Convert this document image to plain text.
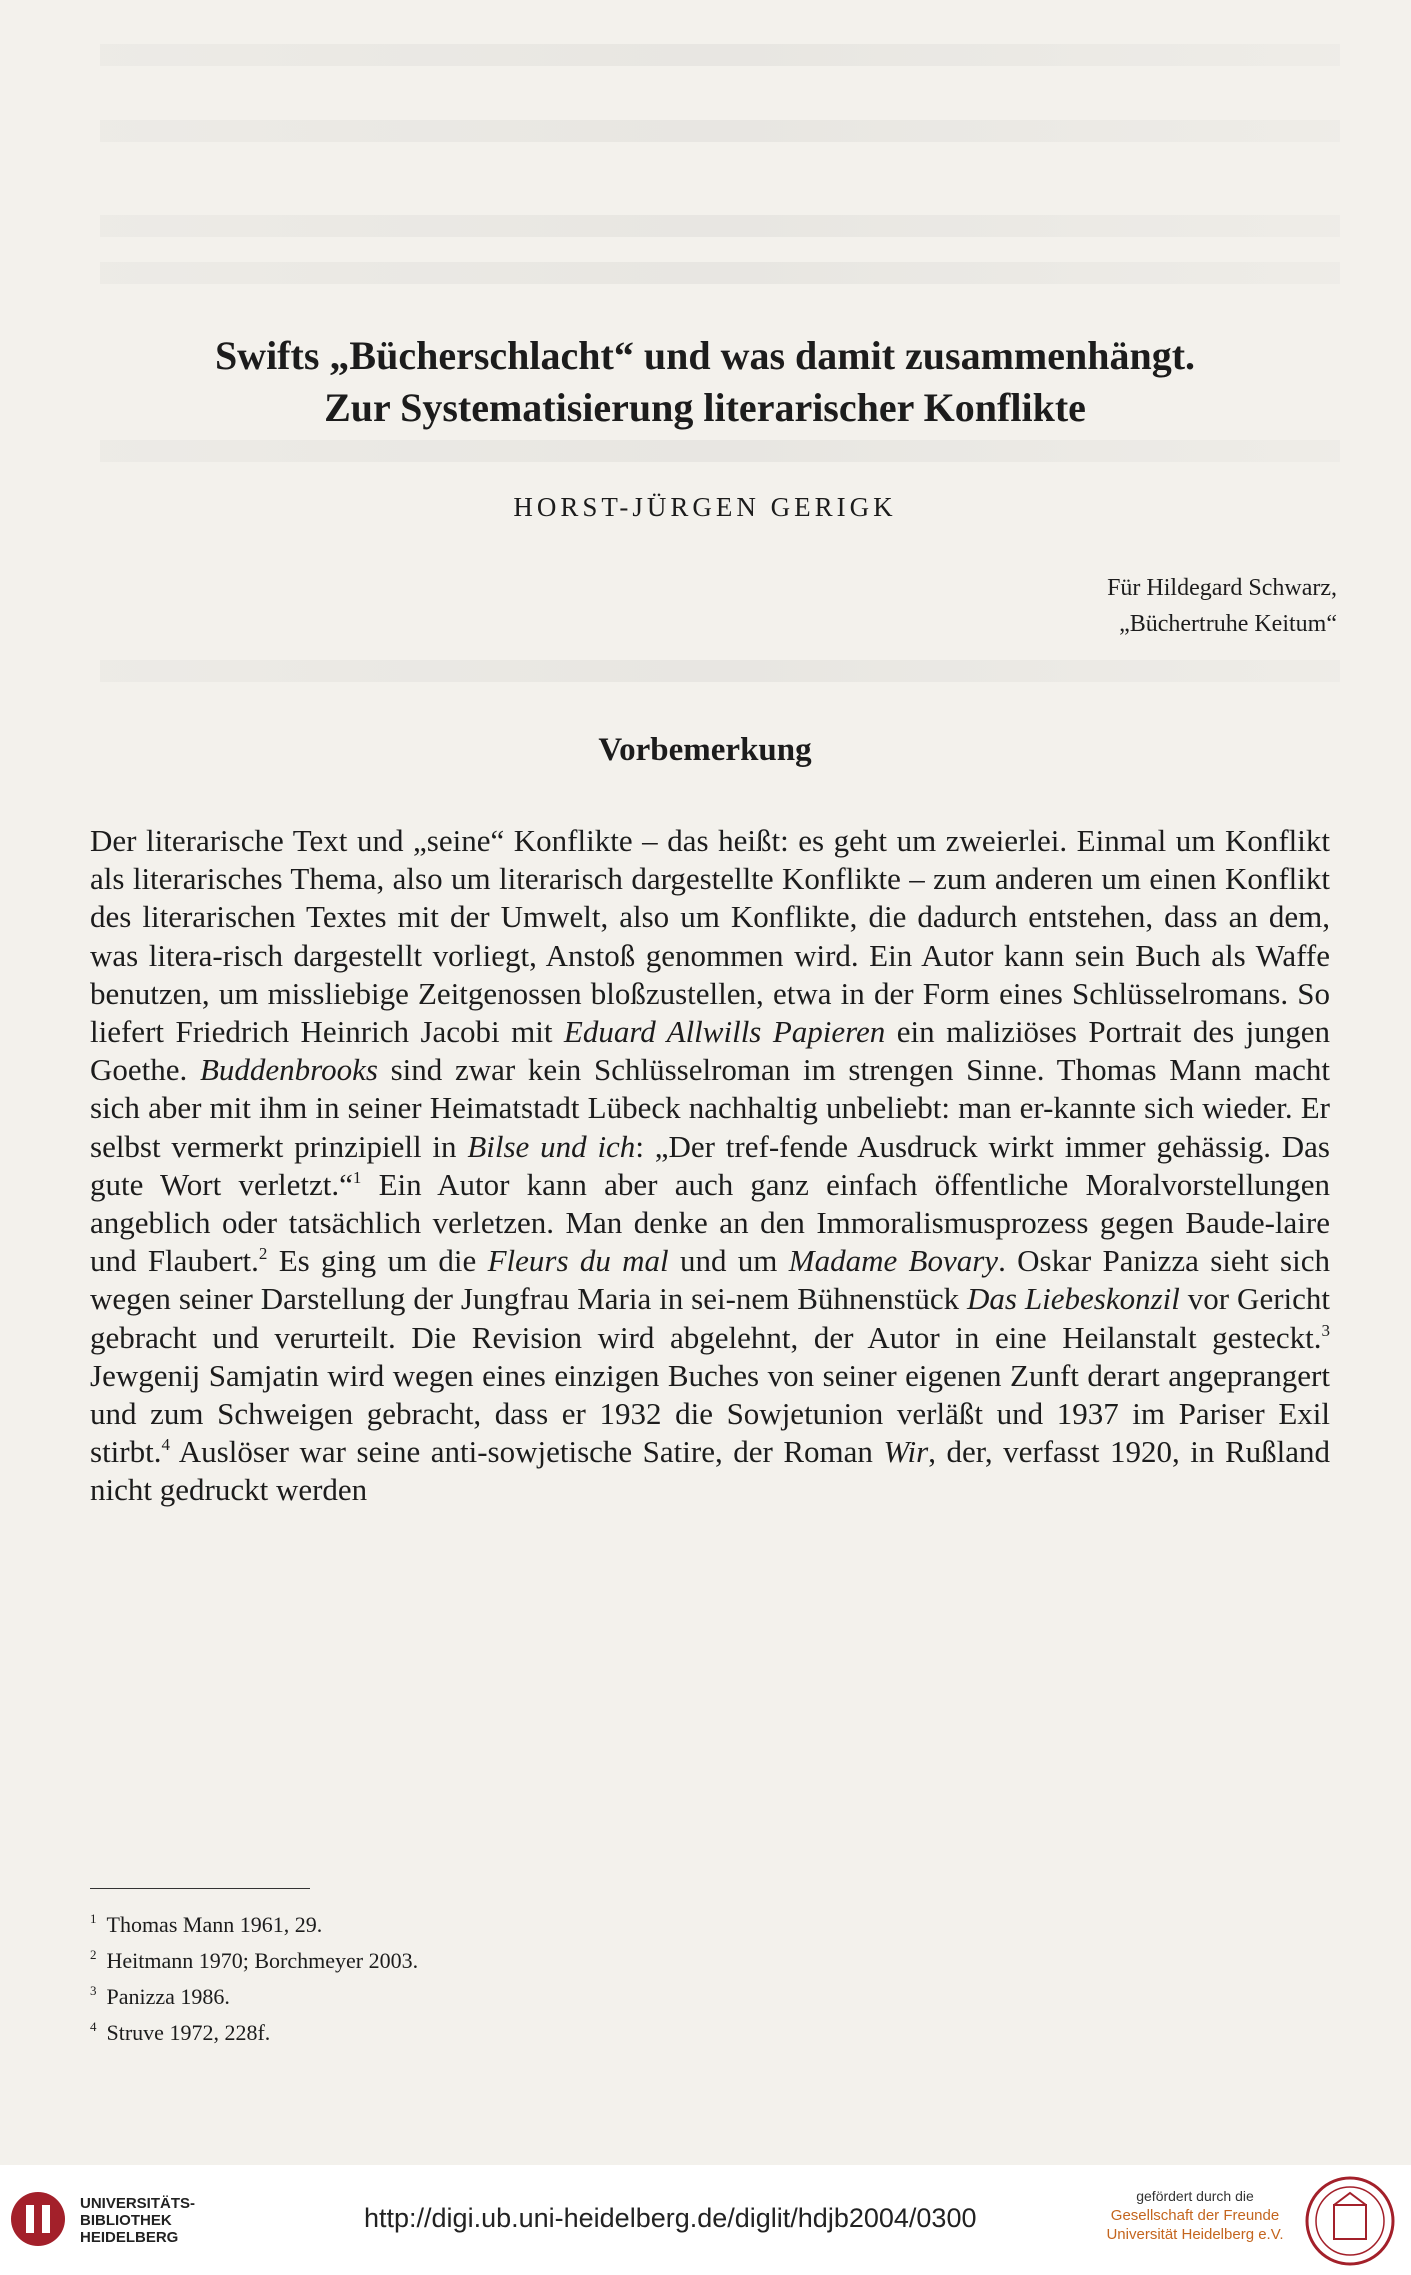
Swifts „Bücherschlacht“ und was damit zusammenhängt.
Zur Systematisierung literarischer Konflikte
HORST-JÜRGEN GERIGK
Für Hildegard Schwarz,
„Büchertruhe Keitum“
Vorbemerkung
Der literarische Text und „seine“ Konflikte – das heißt: es geht um zweierlei. Einmal um Konflikt als literarisches Thema, also um literarisch dargestellte Konflikte – zum anderen um einen Konflikt des literarischen Textes mit der Umwelt, also um Konflikte, die dadurch entstehen, dass an dem, was litera-risch dargestellt vorliegt, Anstoß genommen wird. Ein Autor kann sein Buch als Waffe benutzen, um missliebige Zeitgenossen bloßzustellen, etwa in der Form eines Schlüsselromans. So liefert Friedrich Heinrich Jacobi mit Eduard Allwills Papieren ein maliziöses Portrait des jungen Goethe. Buddenbrooks sind zwar kein Schlüsselroman im strengen Sinne. Thomas Mann macht sich aber mit ihm in seiner Heimatstadt Lübeck nachhaltig unbeliebt: man er-kannte sich wieder. Er selbst vermerkt prinzipiell in Bilse und ich: „Der tref-fende Ausdruck wirkt immer gehässig. Das gute Wort verletzt.“$^1$ Ein Autor kann aber auch ganz einfach öffentliche Moralvorstellungen angeblich oder tatsächlich verletzen. Man denke an den Immoralismusprozess gegen Baude-laire und Flaubert.$^2$ Es ging um die Fleurs du mal und um Madame Bovary. Oskar Panizza sieht sich wegen seiner Darstellung der Jungfrau Maria in sei-nem Bühnenstück Das Liebeskonzil vor Gericht gebracht und verurteilt. Die Revision wird abgelehnt, der Autor in eine Heilanstalt gesteckt.$^3$ Jewgenij Samjatin wird wegen eines einzigen Buches von seiner eigenen Zunft derart angeprangert und zum Schweigen gebracht, dass er 1932 die Sowjetunion verläßt und 1937 im Pariser Exil stirbt.$^4$ Auslöser war seine anti-sowjetische Satire, der Roman Wir, der, verfasst 1920, in Rußland nicht gedruckt werden
$^1$ Thomas Mann 1961, 29.
$^2$ Heitmann 1970; Borchmeyer 2003.
$^3$ Panizza 1986.
$^4$ Struve 1972, 228f.
UNIVERSITÄTS-
BIBLIOTHEK
HEIDELBERG
http://digi.ub.uni-heidelberg.de/diglit/hdjb2004/0300
gefördert durch die
Gesellschaft der Freunde
Universität Heidelberg e.V.
